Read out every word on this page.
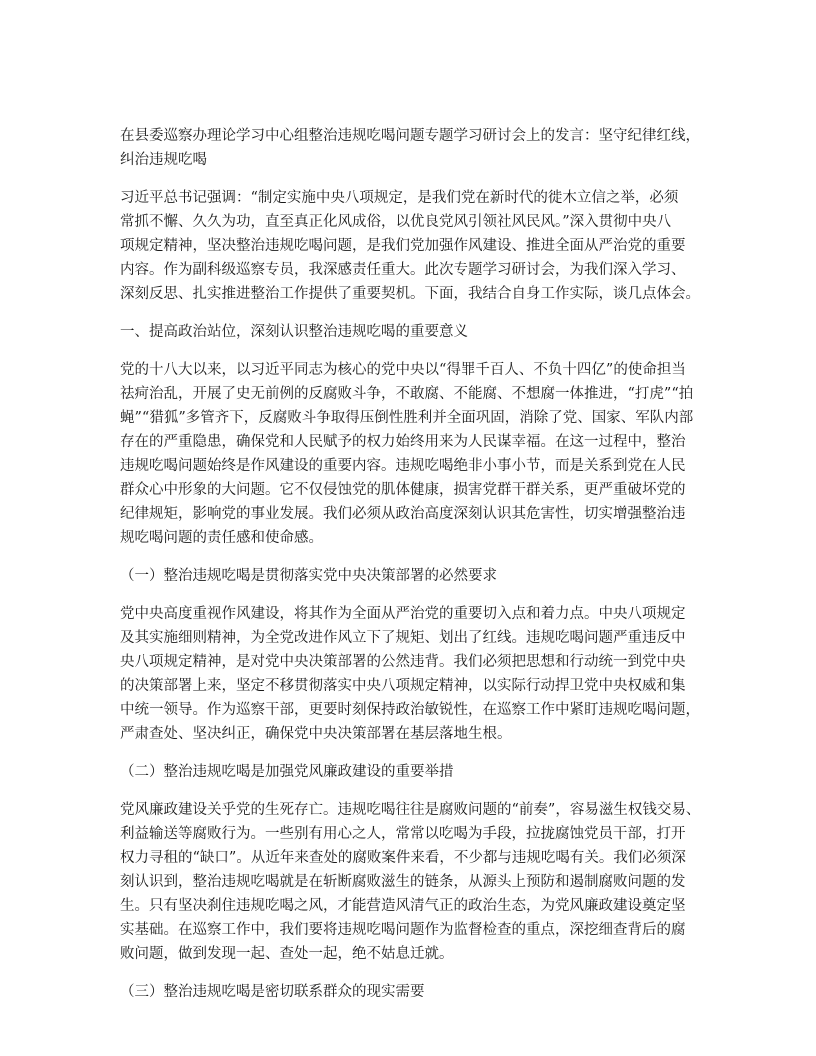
在县委巡察办理论学习中心组整治违规吃喝问题专题学习研讨会上的发言：坚守纪律红线，
纠治违规吃喝
习近平总书记强调：“制定实施中央八项规定，是我们党在新时代的徙木立信之举，必须
常抓不懈、久久为功，直至真正化风成俗，以优良党风引领社风民风。”深入贯彻中央八
项规定精神，坚决整治违规吃喝问题，是我们党加强作风建设、推进全面从严治党的重要
内容。作为副科级巡察专员，我深感责任重大。此次专题学习研讨会，为我们深入学习、
深刻反思、扎实推进整治工作提供了重要契机。下面，我结合自身工作实际，谈几点体会。
一、提高政治站位，深刻认识整治违规吃喝的重要意义
党的十八大以来，以习近平同志为核心的党中央以“得罪千百人、不负十四亿”的使命担当
祛疴治乱，开展了史无前例的反腐败斗争，不敢腐、不能腐、不想腐一体推进，“打虎”“拍
蝇”“猎狐”多管齐下，反腐败斗争取得压倒性胜利并全面巩固，消除了党、国家、军队内部
存在的严重隐患，确保党和人民赋予的权力始终用来为人民谋幸福。在这一过程中，整治
违规吃喝问题始终是作风建设的重要内容。违规吃喝绝非小事小节，而是关系到党在人民
群众心中形象的大问题。它不仅侵蚀党的肌体健康，损害党群干群关系，更严重破坏党的
纪律规矩，影响党的事业发展。我们必须从政治高度深刻认识其危害性，切实增强整治违
规吃喝问题的责任感和使命感。
（一）整治违规吃喝是贯彻落实党中央决策部署的必然要求
党中央高度重视作风建设，将其作为全面从严治党的重要切入点和着力点。中央八项规定
及其实施细则精神，为全党改进作风立下了规矩、划出了红线。违规吃喝问题严重违反中
央八项规定精神，是对党中央决策部署的公然违背。我们必须把思想和行动统一到党中央
的决策部署上来，坚定不移贯彻落实中央八项规定精神，以实际行动捍卫党中央权威和集
中统一领导。作为巡察干部，更要时刻保持政治敏锐性，在巡察工作中紧盯违规吃喝问题，
严肃查处、坚决纠正，确保党中央决策部署在基层落地生根。
（二）整治违规吃喝是加强党风廉政建设的重要举措
党风廉政建设关乎党的生死存亡。违规吃喝往往是腐败问题的“前奏”，容易滋生权钱交易、
利益输送等腐败行为。一些别有用心之人，常常以吃喝为手段，拉拢腐蚀党员干部，打开
权力寻租的“缺口”。从近年来查处的腐败案件来看，不少都与违规吃喝有关。我们必须深
刻认识到，整治违规吃喝就是在斩断腐败滋生的链条，从源头上预防和遏制腐败问题的发
生。只有坚决刹住违规吃喝之风，才能营造风清气正的政治生态，为党风廉政建设奠定坚
实基础。在巡察工作中，我们要将违规吃喝问题作为监督检查的重点，深挖细查背后的腐
败问题，做到发现一起、查处一起，绝不姑息迁就。
（三）整治违规吃喝是密切联系群众的现实需要
